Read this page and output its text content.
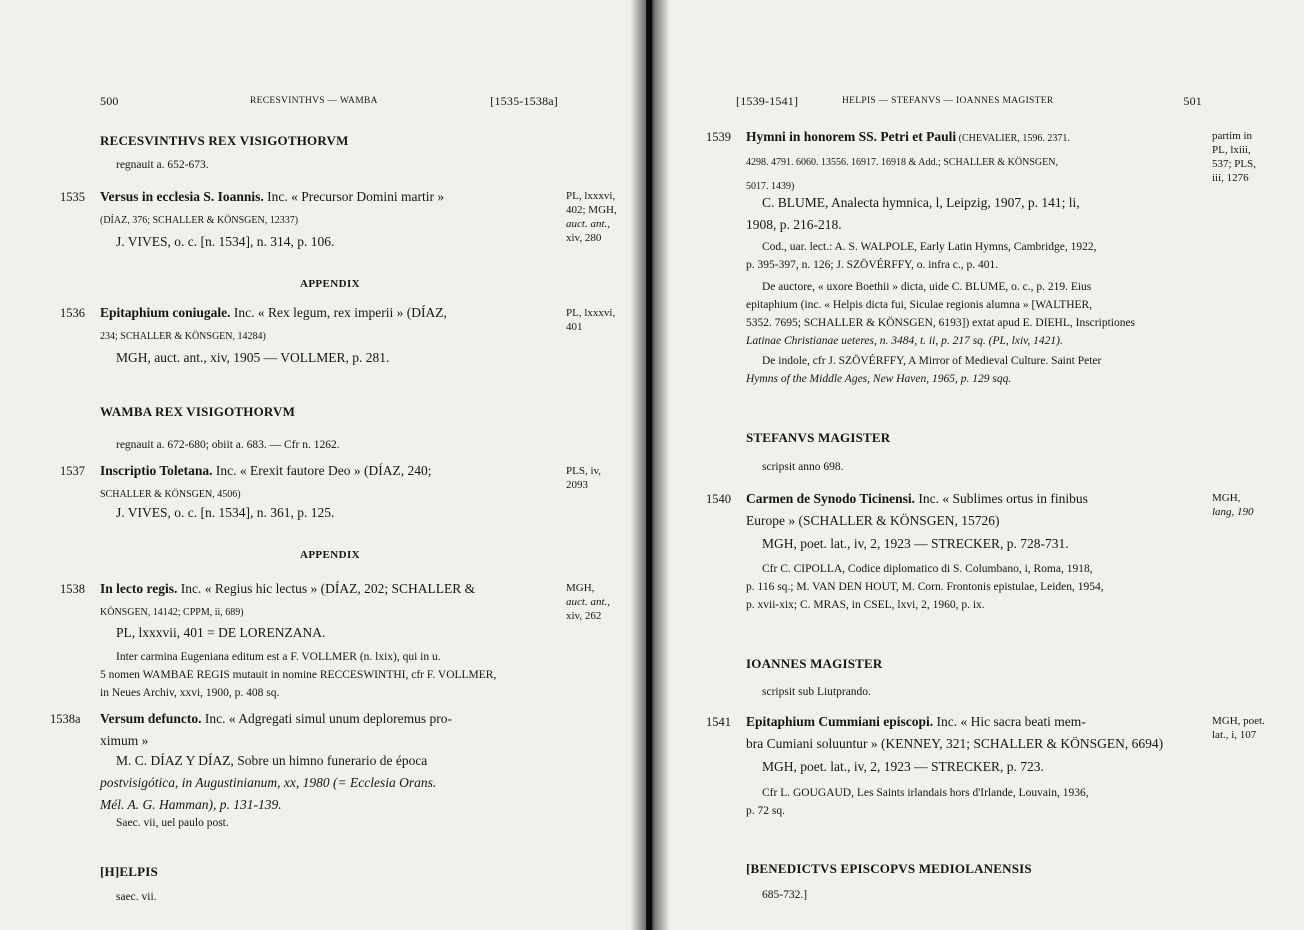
500	RECESVINTHVS — WAMBA	[1535-1538a]
RECESVINTHVS REX VISIGOTHORVM
regnauit a. 652-673.
1535 Versus in ecclesia S. Ioannis. Inc. « Precursor Domini martir »
(DÍAZ, 376; SCHALLER & KÖNSGEN, 12337)
J. VIVES, o. c. [n. 1534], n. 314, p. 106.
PL, lxxxvi,
402; MGH,
auct. ant.,
xiv, 280
APPENDIX
1536 Epitaphium coniugale. Inc. « Rex legum, rex imperii » (DÍAZ,
234; SCHALLER & KÖNSGEN, 14284)
MGH, auct. ant., xiv, 1905 — VOLLMER, p. 281.
PL, lxxxvi,
401
WAMBA REX VISIGOTHORVM
regnauit a. 672-680; obiit a. 683. — Cfr n. 1262.
1537 Inscriptio Toletana. Inc. « Erexit fautore Deo » (DÍAZ, 240;
SCHALLER & KÖNSGEN, 4506)
J. VIVES, o. c. [n. 1534], n. 361, p. 125.
PLS, iv,
2093
APPENDIX
1538 In lecto regis. Inc. « Regius hic lectus » (DÍAZ, 202; SCHALLER &
KÖNSGEN, 14142; CPPM, ii, 689)
PL, lxxxvii, 401 = DE LORENZANA.
Inter carmina Eugeniana editum est a F. VOLLMER (n. lxix), qui in u.
5 nomen WAMBAE REGIS mutauit in nomine RECCESWINTHI, cfr F. VOLLMER,
in Neues Archiv, xxvi, 1900, p. 408 sq.
MGH,
auct. ant.,
xiv, 262
1538a Versum defuncto. Inc. « Adgregati simul unum deploremus pro-
ximum »
M. C. DÍAZ Y DÍAZ, Sobre un himno funerario de época
postvisigótica, in Augustinianum, xx, 1980 (= Ecclesia Orans.
Mél. A. G. Hamman), p. 131-139.
Saec. vii, uel paulo post.
[H]ELPIS
saec. vii.
[1539-1541]	HELPIS — STEFANVS — IOANNES MAGISTER	501
1539 Hymni in honorem SS. Petri et Pauli (CHEVALIER, 1596. 2371.
4298. 4791. 6060. 13556. 16917. 16918 & Add.; SCHALLER & KÖNSGEN,
5017. 1439)
C. BLUME, Analecta hymnica, l, Leipzig, 1907, p. 141; li,
1908, p. 216-218.
Cod., uar. lect.: A. S. WALPOLE, Early Latin Hymns, Cambridge, 1922,
p. 395-397, n. 126; J. SZÖVÉRFFY, o. infra c., p. 401.
De auctore, « uxore Boethii » dicta, uide C. BLUME, o. c., p. 219. Eius
epitaphium (inc. « Helpis dicta fui, Siculae regionis alumna » [WALTHER,
5352. 7695; SCHALLER & KÖNSGEN, 6193]) extat apud E. DIEHL, Inscriptiones
Latinae Christianae ueteres, n. 3484, t. ii, p. 217 sq. (PL, lxiv, 1421).
De indole, cfr J. SZÖVÉRFFY, A Mirror of Medieval Culture. Saint Peter
Hymns of the Middle Ages, New Haven, 1965, p. 129 sqq.
partim in
PL, lxiii,
537; PLS,
iii, 1276
STEFANVS MAGISTER
scripsit anno 698.
1540 Carmen de Synodo Ticinensi. Inc. « Sublimes ortus in finibus
Europe » (SCHALLER & KÖNSGEN, 15726)
MGH, poet. lat., iv, 2, 1923 — STRECKER, p. 728-731.
Cfr C. CIPOLLA, Codice diplomatico di S. Columbano, i, Roma, 1918,
p. 116 sq.; M. VAN DEN HOUT, M. Corn. Frontonis epistulae, Leiden, 1954,
p. xvii-xix; C. MRAS, in CSEL, lxvi, 2, 1960, p. ix.
MGH,
lang, 190
IOANNES MAGISTER
scripsit sub Liutprando.
1541 Epitaphium Cummiani episcopi. Inc. « Hic sacra beati mem-
bra Cumiani soluuntur » (KENNEY, 321; SCHALLER & KÖNSGEN, 6694)
MGH, poet. lat., iv, 2, 1923 — STRECKER, p. 723.
Cfr L. GOUGAUD, Les Saints irlandais hors d'Irlande, Louvain, 1936,
p. 72 sq.
MGH, poet.
lat., i, 107
[BENEDICTVS EPISCOPVS MEDIOLANENSIS
685-732.]
